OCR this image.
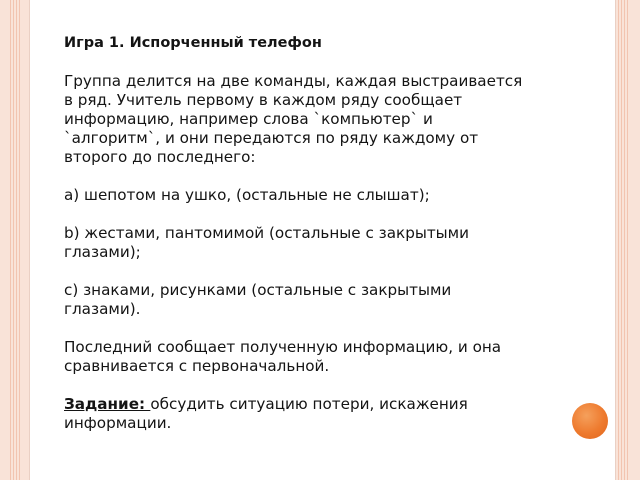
Игра 1. Испорченный телефон

Группа делится на две команды, каждая выстраивается

в ряд. Учитель первому в каждом ряду сообщает

информацию, например слова `компьютер` и

`алгоритм`, и они передаются по ряду каждому от

второго до последнего:

a) шепотом на ушко, (остальные не слышат);

b) жестами, пантомимой (остальные с закрытыми

глазами);

c) знаками, рисунками (остальные с закрытыми

глазами).

Последний сообщает полученную информацию, и она

сравнивается с первоначальной.

Задание: обсудить ситуацию потери, искажения

информации.
